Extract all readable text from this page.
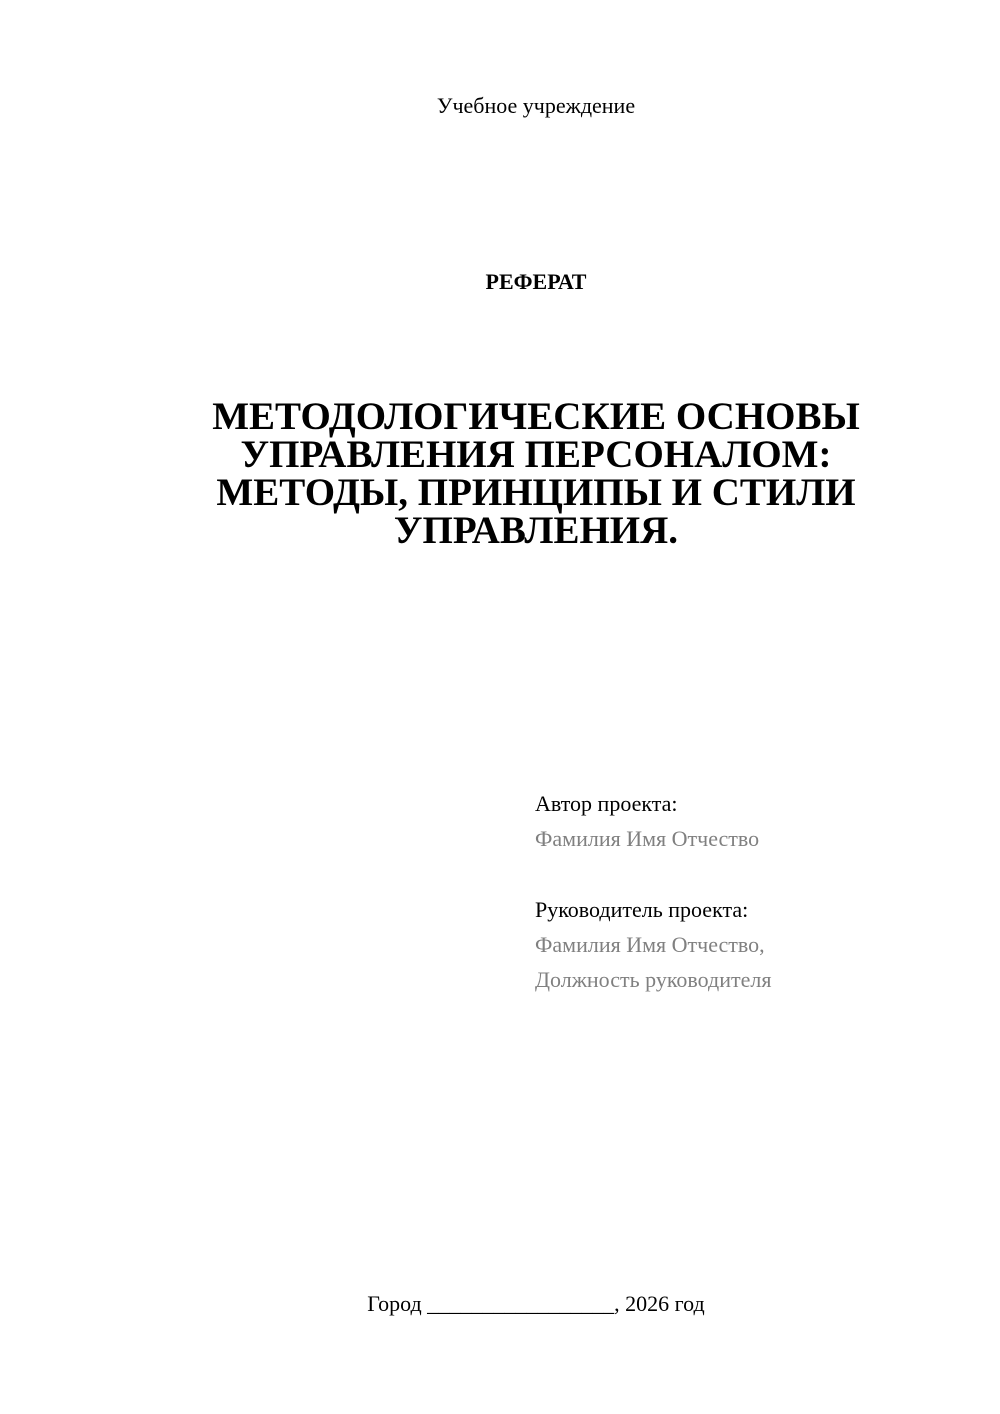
Учебное учреждение
РЕФЕРАТ
МЕТОДОЛОГИЧЕСКИЕ ОСНОВЫ
УПРАВЛЕНИЯ ПЕРСОНАЛОМ:
МЕТОДЫ, ПРИНЦИПЫ И СТИЛИ
УПРАВЛЕНИЯ.
Автор проекта:
Фамилия Имя Отчество
Руководитель проекта:
Фамилия Имя Отчество,
Должность руководителя
Город _________________, 2026 год
